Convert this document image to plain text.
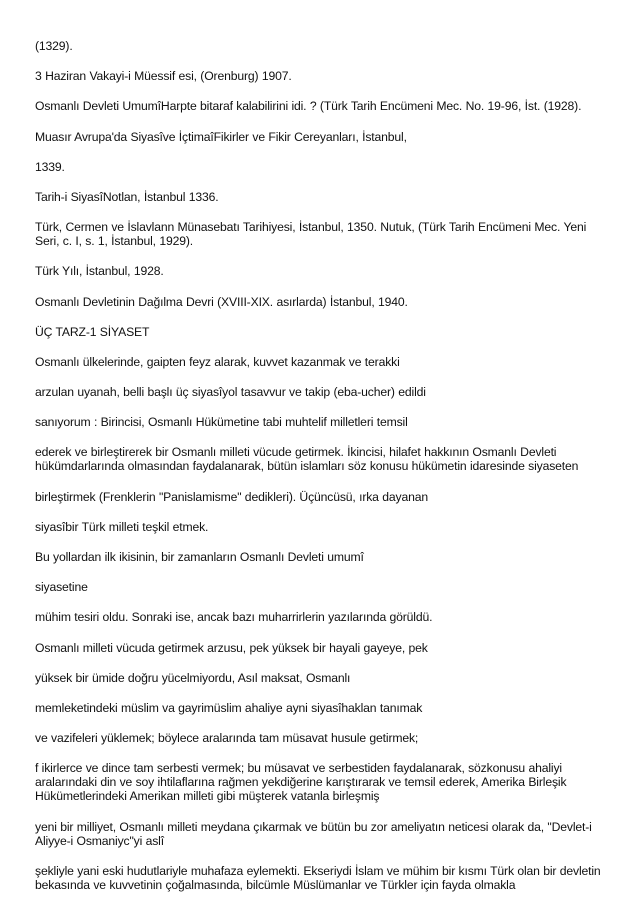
(1329).

3 Haziran Vakayi-i Müessif esi, (Orenburg) 1907.

Osmanlı Devleti UmumîHarpte bitaraf kalabilirini idi. ? (Türk Tarih Encümeni Mec. No. 19-96, İst. (1928).

Muasır Avrupa'da Siyasîve İçtimaîFikirler ve Fikir Cereyanları, İstanbul,

1339.

Tarih-i SiyasîNotlan, İstanbul 1336.

Türk, Cermen ve İslavlann Münasebatı Tarihiyesi, İstanbul, 1350. Nutuk, (Türk Tarih Encümeni Mec. Yeni Seri, c. I, s. 1, İstanbul, 1929).

Türk Yılı, İstanbul, 1928.

Osmanlı Devletinin Dağılma Devri (XVIII-XIX. asırlarda) İstanbul, 1940.

ÜÇ TARZ-1 SİYASET

Osmanlı ülkelerinde, gaipten feyz alarak, kuvvet kazanmak ve terakki

arzulan uyanah, belli başlı üç siyasîyol tasavvur ve takip (eba-ucher) edildi

sanıyorum : Birincisi, Osmanlı Hükümetine tabi muhtelif milletleri temsil

ederek ve birleştirerek bir Osmanlı milleti vücude getirmek. İkincisi, hilafet hakkının Osmanlı Devleti hükümdarlarında olmasından faydalanarak, bütün islamları söz konusu hükümetin idaresinde siyaseten

birleştirmek (Frenklerin "Panislamisme" dedikleri). Üçüncüsü, ırka dayanan

siyasîbir Türk milleti teşkil etmek.

Bu yollardan ilk ikisinin, bir zamanların Osmanlı Devleti umumî

siyasetine

mühim tesiri oldu. Sonraki ise, ancak bazı muharrirlerin yazılarında görüldü.

Osmanlı milleti vücuda getirmek arzusu, pek yüksek bir hayali gayeye, pek

yüksek bir ümide doğru yücelmiyordu, Asıl maksat, Osmanlı

memleketindeki müslim va gayrimüslim ahaliye ayni siyasîhaklan tanımak

ve vazifeleri yüklemek; böylece aralarında tam müsavat husule getirmek;

f ikirlerce ve dince tam serbesti vermek; bu müsavat ve serbestiden faydalanarak, sözkonusu ahaliyi aralarındaki din ve soy ihtilaflarına rağmen yekdiğerine karıştırarak ve temsil ederek, Amerika Birleşik Hükümetlerindeki Amerikan milleti gibi müşterek vatanla birleşmiş

yeni bir milliyet, Osmanlı milleti meydana çıkarmak ve bütün bu zor ameliyatın neticesi olarak da, "Devlet-i Aliyye-i Osmaniyc"yi aslî

şekliyle yani eski hudutlariyle muhafaza eylemekti. Ekseriydi İslam ve mühim bir kısmı Türk olan bir devletin bekasında ve kuvvetinin çoğalmasında, bilcümle Müslümanlar ve Türkler için fayda olmakla
